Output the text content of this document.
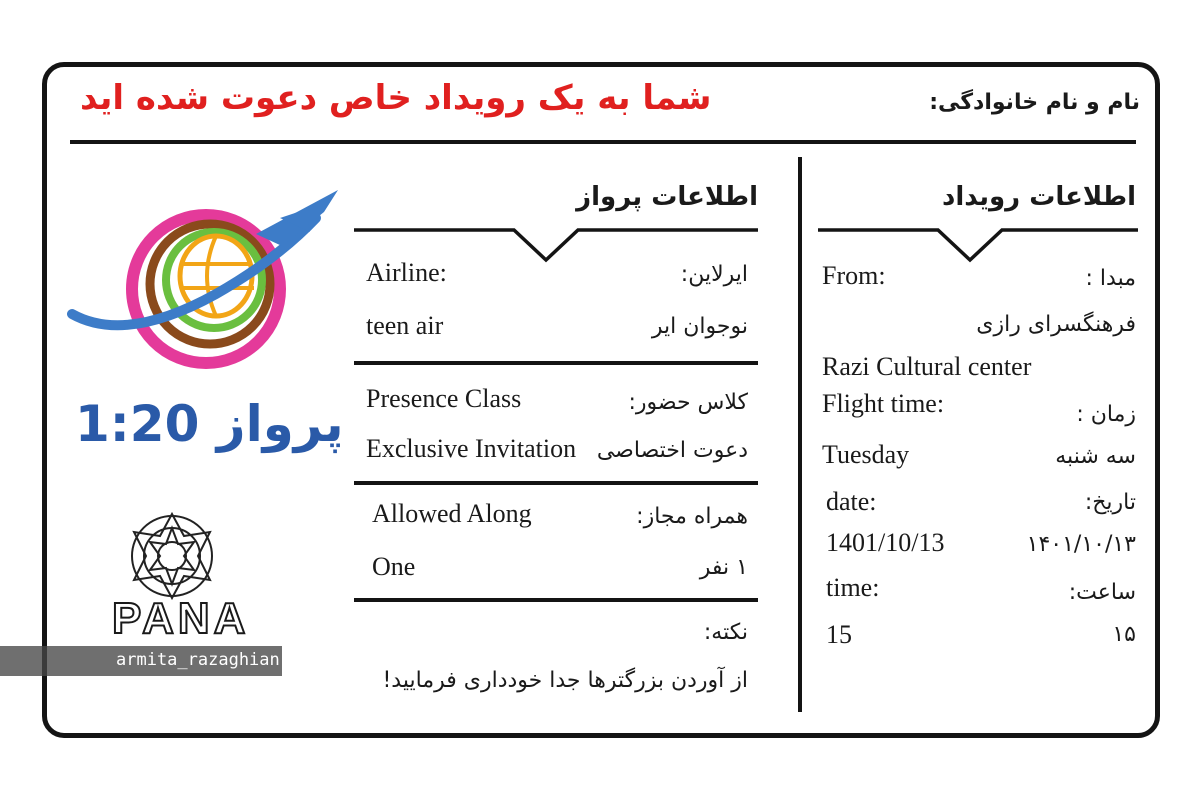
شما به یک رویداد خاص دعوت شده اید	نام و نام خانوادگی:
اطلاعات رویداد
From:	مبدا :
فرهنگسرای رازی
Razi Cultural center
Flight time:	زمان :
Tuesday	سه شنبه
date:	تاریخ:
1401/10/13	۱۴۰۱/۱۰/۱۳
time:	ساعت:
15	۱۵
اطلاعات پرواز
Airline:	ایرلاین:
teen air	نوجوان ایر
Presence Class	کلاس حضور:
Exclusive Invitation دعوت اختصاصی
Allowed Along	همراه مجاز:
One	۱ نفر
نکته:
از آوردن بزرگترها جدا خودداری فرمایید!
پرواز 1:20
PANA
armita_razaghian
